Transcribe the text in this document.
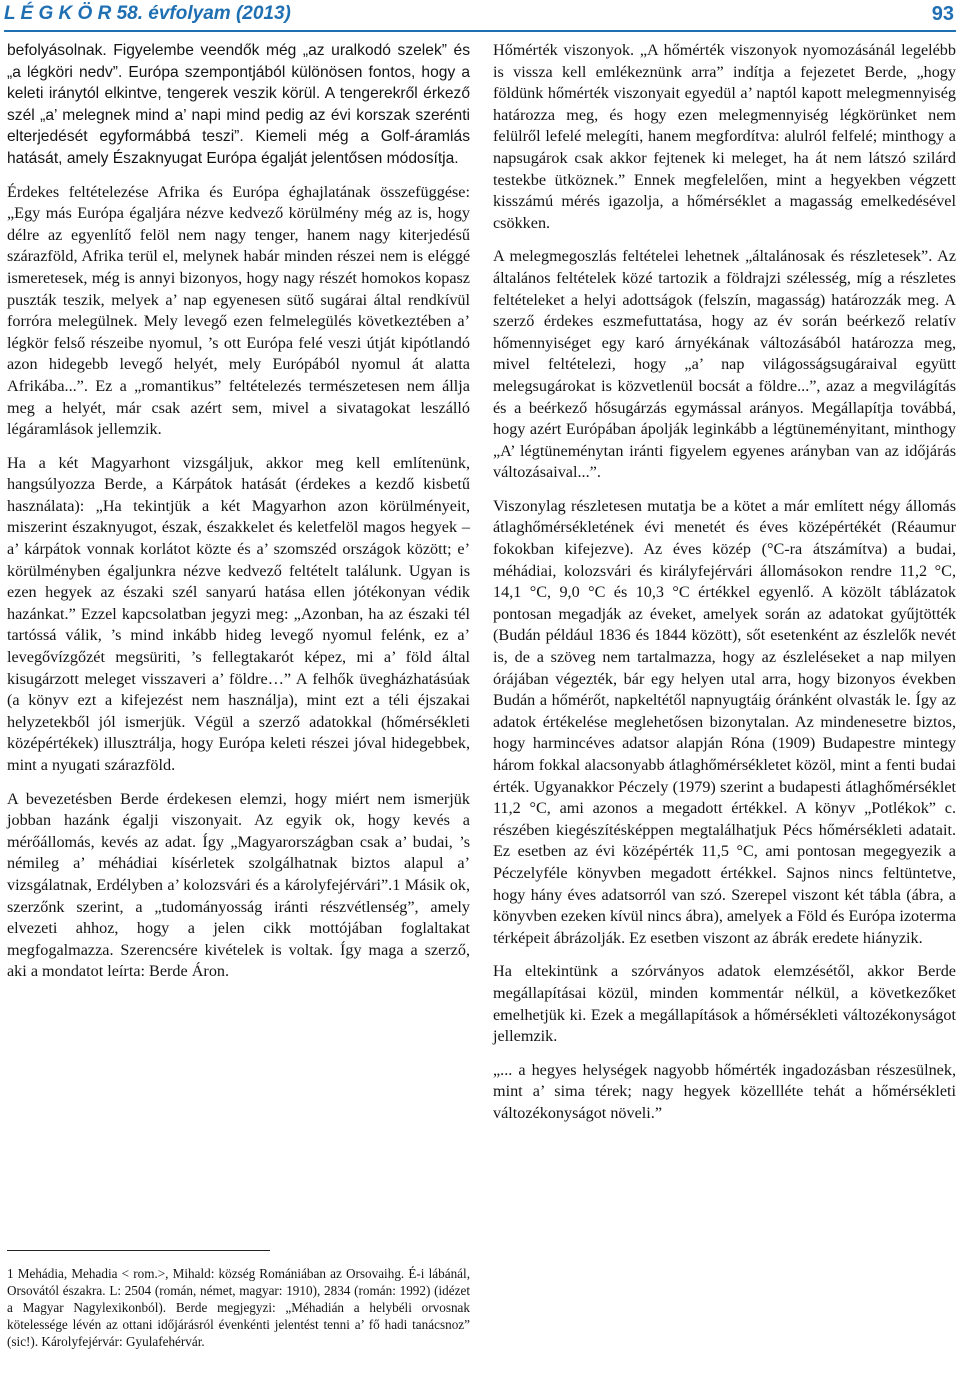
L É G K Ö R 58. évfolyam (2013)	93

befolyásolnak. Figyelembe veendők még „az uralkodó szelek” és „a légköri nedv”. Európa szempontjából különösen fontos, hogy a keleti iránytól elkintve, tengerek veszik körül. A tengerekről érkező szél „a’ melegnek mind a’ napi mind pedig az évi korszak szerénti elterjedését egyformábbá teszi”. Kiemeli még a Golf-áramlás hatását, amely Északnyugat Európa égalját jelentősen módosítja.

Érdekes feltételezése Afrika és Európa éghajlatának összefüggése: „Egy más Európa égaljára nézve kedvező körülmény még az is, hogy délre az egyenlítő felöl nem nagy tenger, hanem nagy kiterjedésű szárazföld, Afrika terül el, melynek habár minden részei nem is eléggé ismeretesek, még is annyi bizonyos, hogy nagy részét homokos kopasz puszták teszik, melyek a’ nap egyenesen sütő sugárai által rendkívül forróra melegülnek. Mely levegő ezen felmelegülés következtében a’ légkör felső részeibe nyomul, ’s ott Európa felé veszi útját kipótlandó azon hidegebb levegő helyét, mely Európából nyomul át alatta Afrikába...”. Ez a „romantikus” feltételezés természetesen nem állja meg a helyét, már csak azért sem, mivel a sivatagokat leszálló légáramlások jellemzik.

Ha a két Magyarhont vizsgáljuk, akkor meg kell említenünk, hangsúlyozza Berde, a Kárpátok hatását (érdekes a kezdő kisbetű használata): „Ha tekintjük a két Magyarhon azon körülményeit, miszerint északnyugot, észak, északkelet és keletfelöl magos hegyek – a’ kárpátok vonnak korlátot közte és a’ szomszéd országok között; e’ körülményben égaljunkra nézve kedvező feltételt találunk. Ugyan is ezen hegyek az északi szél sanyarú hatása ellen jótékonyan védik hazánkat.” Ezzel kapcsolatban jegyzi meg: „Azonban, ha az északi tél tartóssá válik, ’s mind inkább hideg levegő nyomul felénk, ez a’ levegővízgőzét megsüriti, ’s fellegtakarót képez, mi a’ föld által kisugárzott meleget visszaveri a’ földre…” A felhők üvegházhatásúak (a könyv ezt a kifejezést nem használja), mint ezt a téli éjszakai helyzetekből jól ismerjük. Végül a szerző adatokkal (hőmérsékleti középértékek) illusztrálja, hogy Európa keleti részei jóval hidegebbek, mint a nyugati szárazföld.

A bevezetésben Berde érdekesen elemzi, hogy miért nem ismerjük jobban hazánk égalji viszonyait. Az egyik ok, hogy kevés a mérőállomás, kevés az adat. Így „Magyarországban csak a’ budai, ’s némileg a’ méhádiai kísérletek szolgálhatnak biztos alapul a’ vizsgálatnak, Erdélyben a’ kolozsvári és a károlyfejérvári”.1 Másik ok, szerzőnk szerint, a „tudományosság iránti részvétlenség”, amely elvezeti ahhoz, hogy a jelen cikk mottójában foglaltakat megfogalmazza. Szerencsére kivételek is voltak. Így maga a szerző, aki a mondatot leírta: Berde Áron.

1 Mehádia, Mehadia < rom.>, Mihald: község Romániában az Orsovaihg. É-i lábánál, Orsovától északra. L: 2504 (román, német, magyar: 1910), 2834 (román: 1992) (idézet a Magyar Nagylexikonból). Berde megjegyzi: „Méhadián a helybéli orvosnak kötelessége lévén az ottani időjárásról évenkénti jelentést tenni a’ fő hadi tanácsnoz” (sic!). Károlyfejérvár: Gyulafehérvár.

Hőmérték viszonyok. „A hőmérték viszonyok nyomozásánál legelébb is vissza kell emlékeznünk arra” indítja a fejezetet Berde, „hogy földünk hőmérték viszonyait egyedül a’ naptól kapott melegmennyiség határozza meg, és hogy ezen melegmennyiség légkörünket nem felülről lefelé melegíti, hanem megfordítva: alulról felfelé; minthogy a napsugárok csak akkor fejtenek ki meleget, ha át nem látszó szilárd testekbe ütköznek.” Ennek megfelelően, mint a hegyekben végzett kisszámú mérés igazolja, a hőmérséklet a magasság emelkedésével csökken.

A melegmegoszlás feltételei lehetnek „általánosak és részletesek”. Az általános feltételek közé tartozik a földrajzi szélesség, míg a részletes feltételeket a helyi adottságok (felszín, magasság) határozzák meg. A szerző érdekes eszmefuttatása, hogy az év során beérkező relatív hőmennyiséget egy karó árnyékának változásából határozza meg, mivel feltételezi, hogy „a’ nap világosságsugáraival együtt melegsugárokat is közvetlenül bocsát a földre...”, azaz a megvilágítás és a beérkező hősugárzás egymással arányos. Megállapítja továbbá, hogy azért Európában ápolják leginkább a légtüneményitant, minthogy „A’ légtüneménytan iránti figyelem egyenes arányban van az időjárás változásaival...”.

Viszonylag részletesen mutatja be a kötet a már említett négy állomás átlaghőmérsékletének évi menetét és éves középértékét (Réaumur fokokban kifejezve). Az éves közép (°C-ra átszámítva) a budai, méhádiai, kolozsvári és királyfejérvári állomásokon rendre 11,2 °C, 14,1 °C, 9,0 °C és 10,3 °C értékkel egyenlő. A közölt táblázatok pontosan megadják az éveket, amelyek során az adatokat gyűjtötték (Budán például 1836 és 1844 között), sőt esetenként az észlelők nevét is, de a szöveg nem tartalmazza, hogy az észleléseket a nap milyen órájában végezték, bár egy helyen utal arra, hogy bizonyos években Budán a hőmérőt, napkeltétől napnyugtáig óránként olvasták le. Így az adatok értékelése meglehetősen bizonytalan. Az mindenesetre biztos, hogy harmincéves adatsor alapján Róna (1909) Budapestre mintegy három fokkal alacsonyabb átlaghőmérsékletet közöl, mint a fenti budai érték. Ugyanakkor Péczely (1979) szerint a budapesti átlaghőmérséklet 11,2 °C, ami azonos a megadott értékkel. A könyv „Potlékok” c. részében kiegészítésképpen megtalálhatjuk Pécs hőmérsékleti adatait. Ez esetben az évi középérték 11,5 °C, ami pontosan megegyezik a Péczelyféle könyvben megadott értékkel. Sajnos nincs feltüntetve, hogy hány éves adatsorról van szó. Szerepel viszont két tábla (ábra, a könyvben ezeken kívül nincs ábra), amelyek a Föld és Európa izoterma térképeit ábrázolják. Ez esetben viszont az ábrák eredete hiányzik.

Ha eltekintünk a szórványos adatok elemzésétől, akkor Berde megállapításai közül, minden kommentár nélkül, a következőket emelhetjük ki. Ezek a megállapítások a hőmérsékleti változékonyságot jellemzik.

„... a hegyes helységek nagyobb hőmérték ingadozásban részesülnek, mint a’ sima térek; nagy hegyek közellléte tehát a hőmérsékleti változékonyságot növeli.”
